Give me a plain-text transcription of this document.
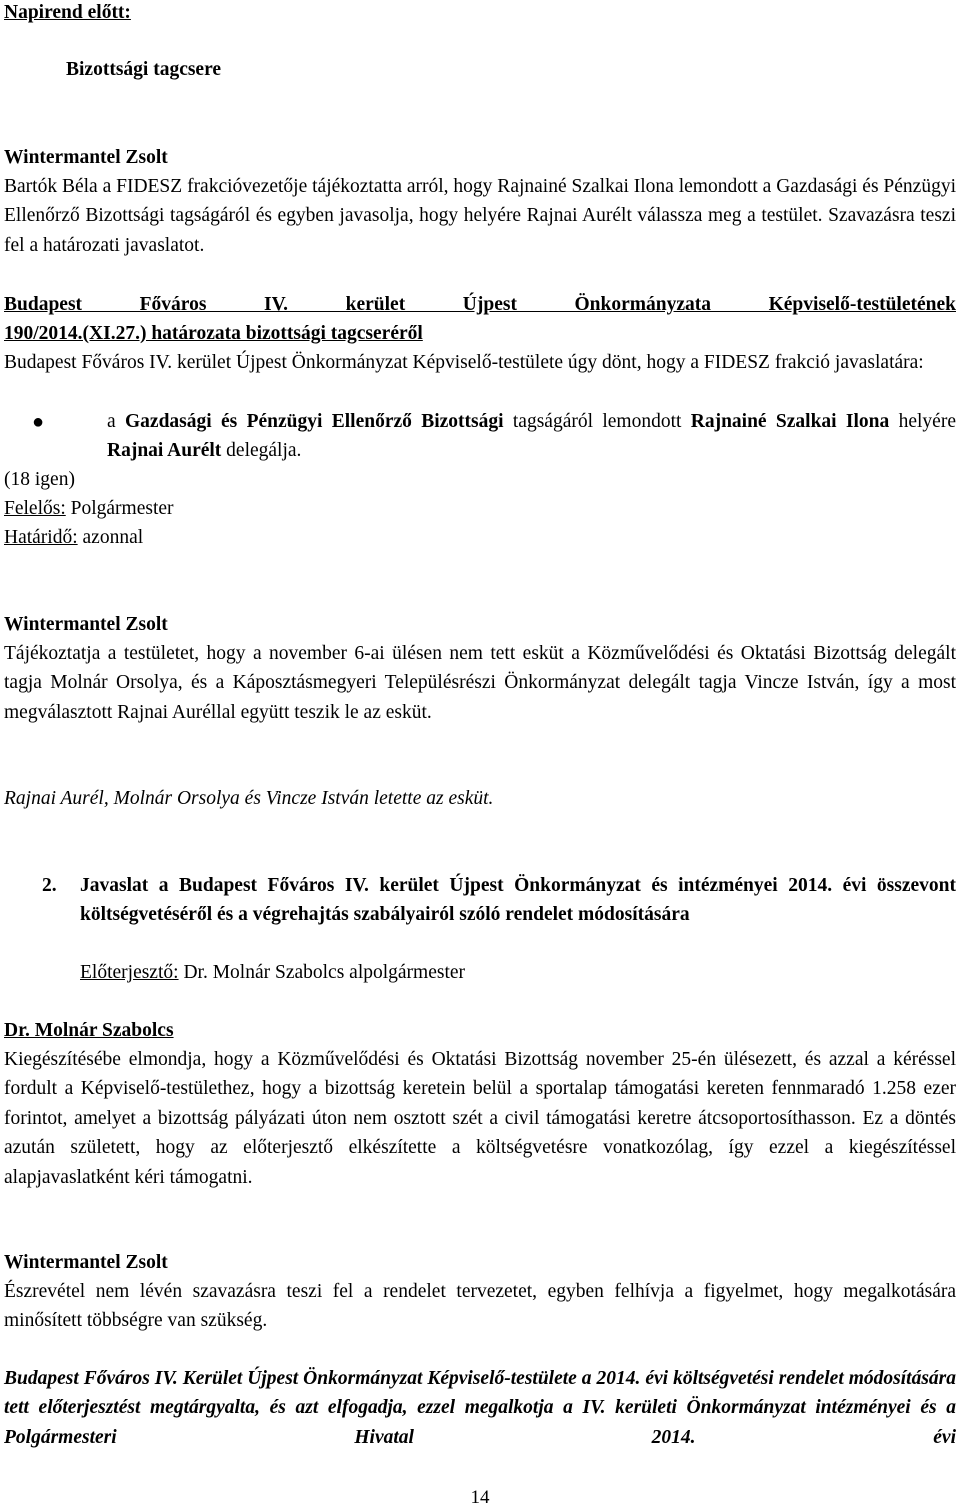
Napirend előtt:
Bizottsági tagcsere
Wintermantel Zsolt

Bartók Béla a FIDESZ frakcióvezetője tájékoztatta arról, hogy Rajnainé Szalkai Ilona lemondott a Gazdasági és Pénzügyi Ellenőrző Bizottsági tagságáról és egyben javasolja, hogy helyére Rajnai Aurélt válassza meg a testület. Szavazásra teszi fel a határozati javaslatot.

Budapest Főváros IV. kerület Újpest Önkormányzata Képviselő-testületének
190/2014.(XI.27.) határozata bizottsági tagcseréről

Budapest Főváros IV. kerület Újpest Önkormányzat Képviselő-testülete úgy dönt, hogy a FIDESZ frakció javaslatára:

●	a Gazdasági és Pénzügyi Ellenőrző Bizottsági tagságáról lemondott Rajnainé Szalkai Ilona helyére Rajnai Aurélt delegálja.

(18 igen)
Felelős: Polgármester
Határidő: azonnal
Wintermantel Zsolt

Tájékoztatja a testületet, hogy a november 6-ai ülésen nem tett esküt a Közművelődési és Oktatási Bizottság delegált tagja Molnár Orsolya, és a Káposztásmegyeri Településrészi Önkormányzat delegált tagja Vincze István, így a most megválasztott Rajnai Auréllal együtt teszik le az esküt.

Rajnai Aurél, Molnár Orsolya és Vincze István letette az esküt.
2.	Javaslat a Budapest Főváros IV. kerület Újpest Önkormányzat és intézményei 2014. évi összevont költségvetéséről és a végrehajtás szabályairól szóló rendelet módosítására

Előterjesztő: Dr. Molnár Szabolcs alpolgármester
Dr. Molnár Szabolcs

Kiegészítésébe elmondja, hogy a Közművelődési és Oktatási Bizottság november 25-én ülésezett, és azzal a kéréssel fordult a Képviselő-testülethez, hogy a bizottság keretein belül a sportalap támogatási kereten fennmaradó 1.258 ezer forintot, amelyet a bizottság pályázati úton nem osztott szét a civil támogatási keretre átcsoportosíthasson. Ez a döntés azután született, hogy az előterjesztő elkészítette a költségvetésre vonatkozólag, így ezzel a kiegészítéssel alapjavaslatként kéri támogatni.

Wintermantel Zsolt

Észrevétel nem lévén szavazásra teszi fel a rendelet tervezetet, egyben felhívja a figyelmet, hogy megalkotására minősített többségre van szükség.

Budapest Főváros IV. Kerület Újpest Önkormányzat Képviselő-testülete a 2014. évi költségvetési rendelet módosítására tett előterjesztést megtárgyalta, és azt elfogadja, ezzel megalkotja a IV. kerületi Önkormányzat intézményei és a Polgármesteri Hivatal 2014. évi

14
